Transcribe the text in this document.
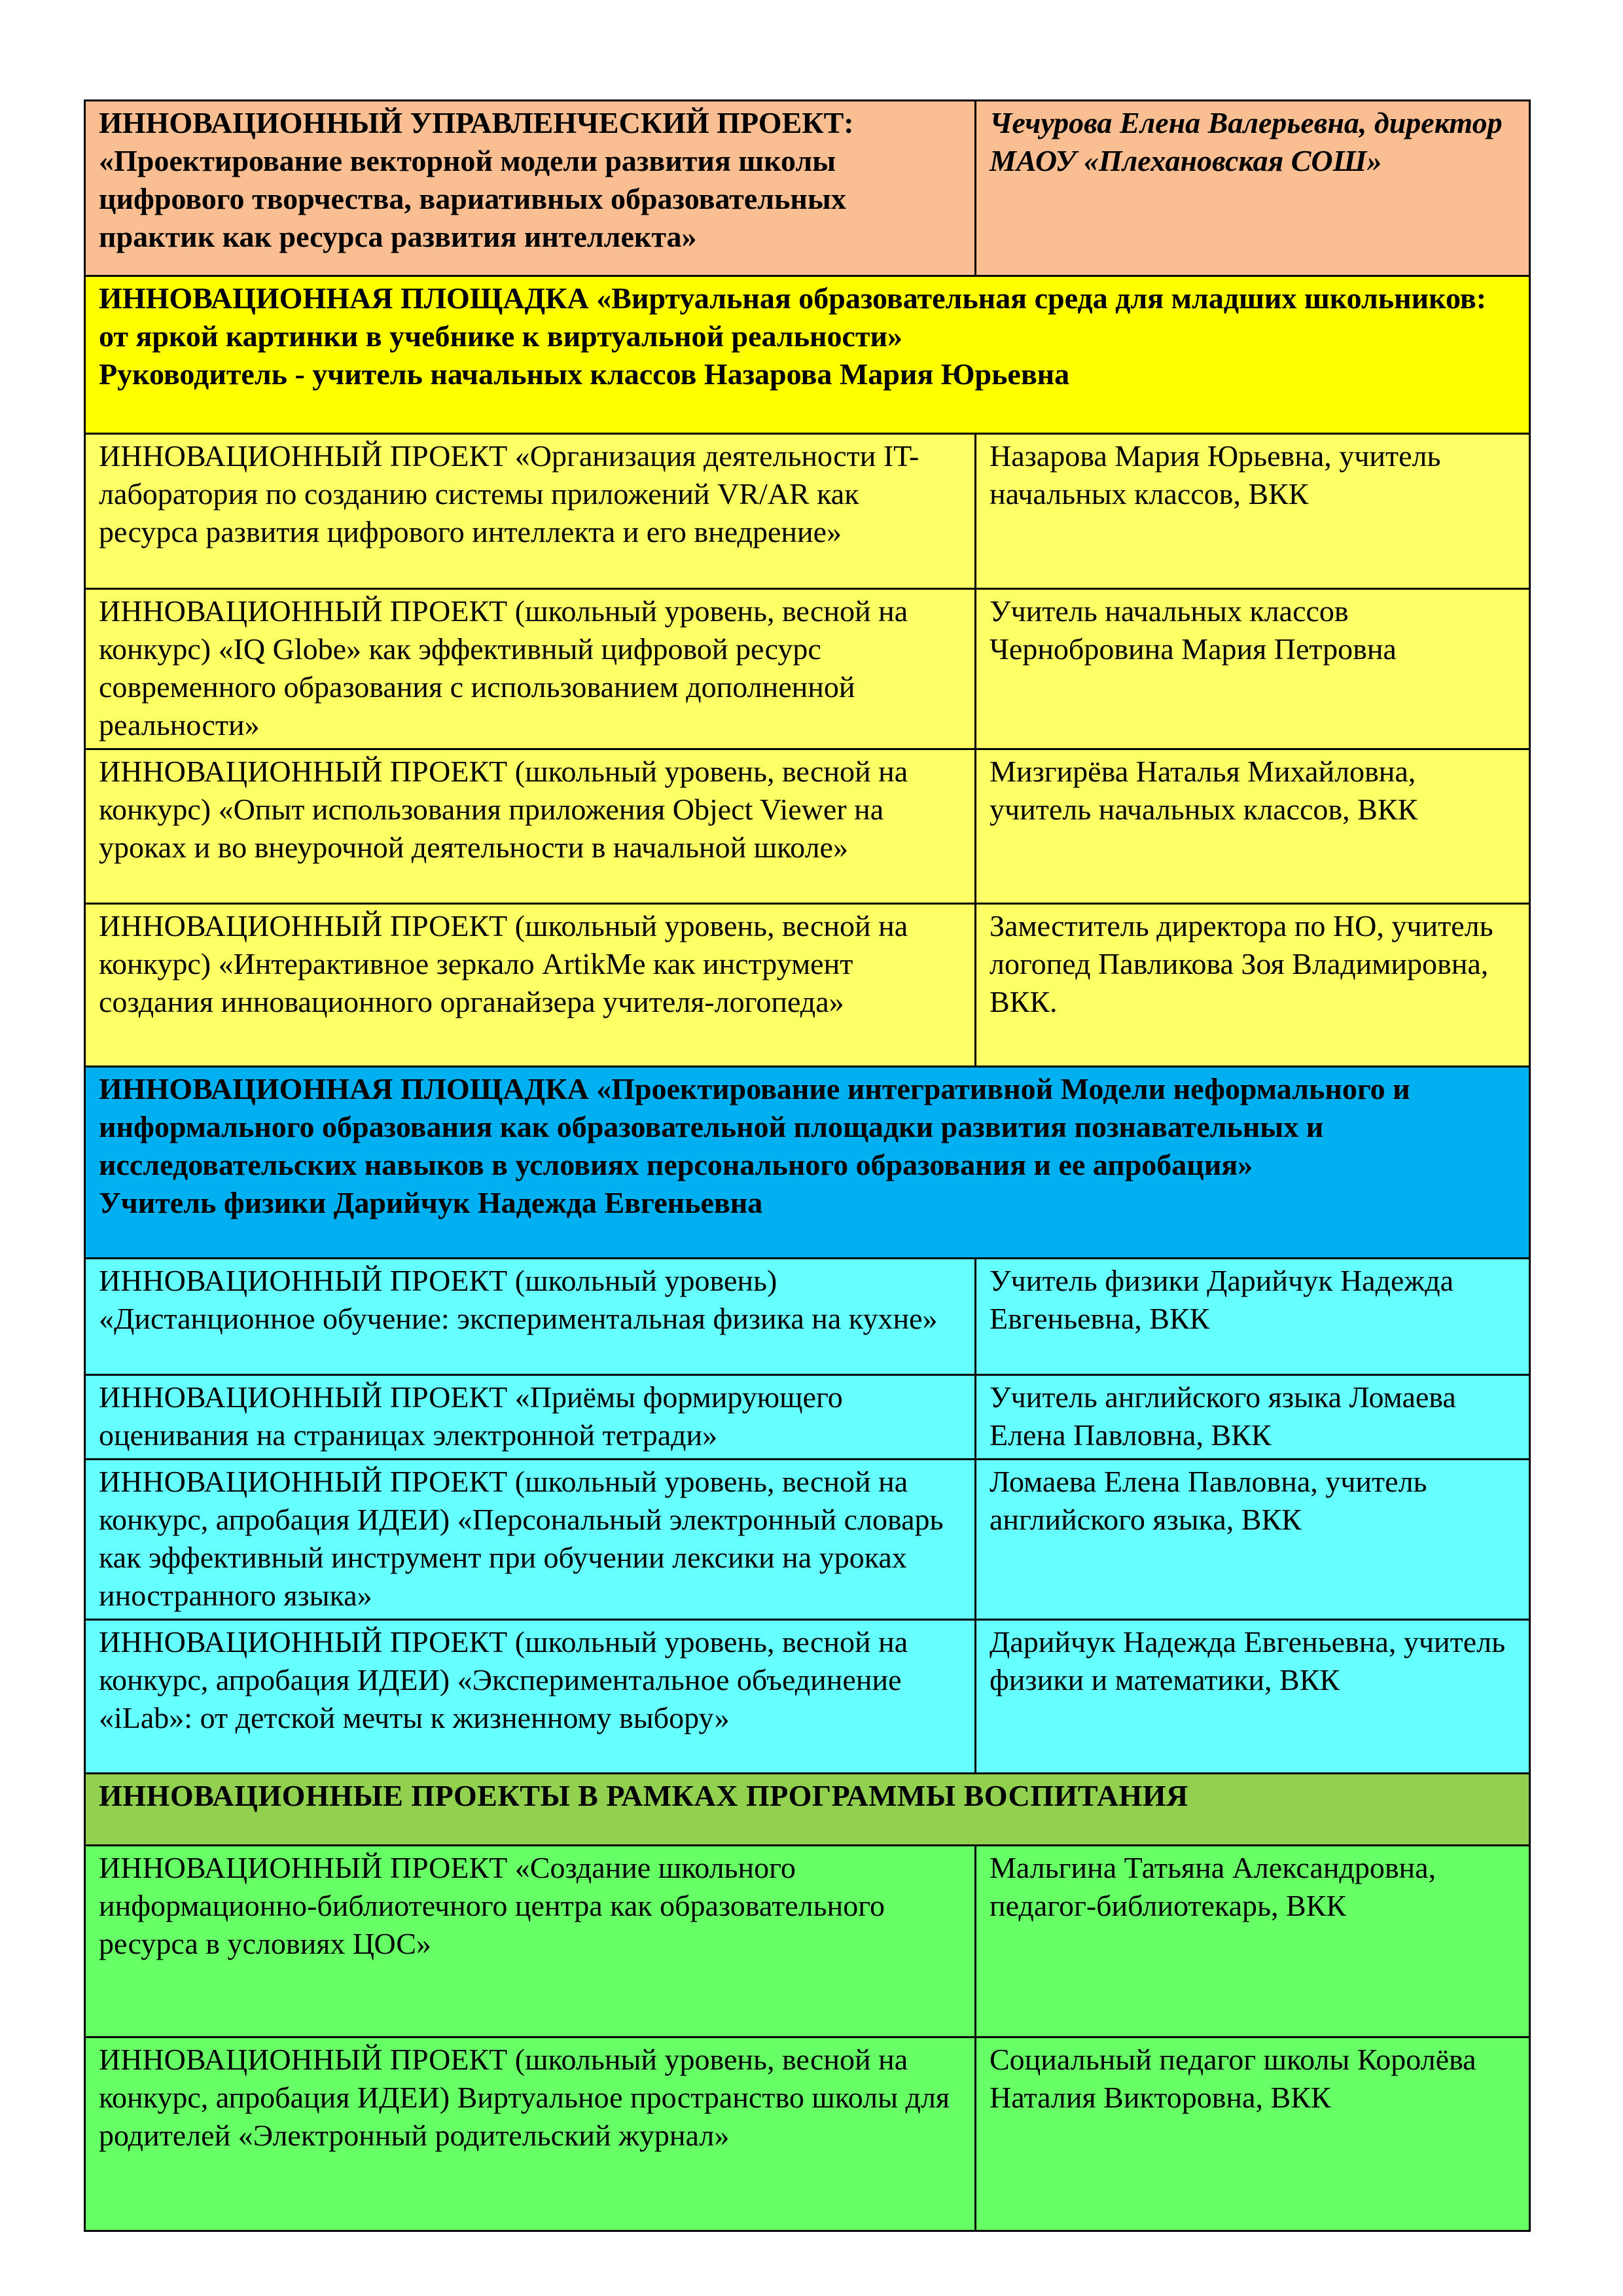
ИННОВАЦИОННЫЙ УПРАВЛЕНЧЕСКИЙ ПРОЕКТ:
«Проектирование векторной модели развития школы цифрового творчества, вариативных образовательных практик как ресурса развития интеллекта»	Чечурова Елена Валерьевна, директор МАОУ «Плехановская СОШ»

ИННОВАЦИОННАЯ ПЛОЩАДКА «Виртуальная образовательная среда для младших школьников: от яркой картинки в учебнике к виртуальной реальности»
Руководитель - учитель начальных классов Назарова Мария Юрьевна	

ИННОВАЦИОННЫЙ ПРОЕКТ «Организация деятельности IT-лаборатория по созданию системы приложений VR/AR как ресурса развития цифрового интеллекта и его внедрение»	Назарова Мария Юрьевна, учитель начальных классов, ВКК
ИННОВАЦИОННЫЙ ПРОЕКТ (школьный уровень, весной на конкурс) «IQ Globe» как эффективный цифровой ресурс современного образования с использованием дополненной реальности»	Учитель начальных классов Чернобровина Мария Петровна
ИННОВАЦИОННЫЙ ПРОЕКТ (школьный уровень, весной на конкурс) «Опыт использования приложения Object Viewer на уроках и во внеурочной деятельности в начальной школе»	Мизгирёва Наталья Михайловна, учитель начальных классов, ВКК
ИННОВАЦИОННЫЙ ПРОЕКТ (школьный уровень, весной на конкурс) «Интерактивное зеркало ArtikMe как инструмент создания инновационного органайзера учителя-логопеда»	Заместитель директора по НО, учитель логопед Павликова Зоя Владимировна, ВКК.

ИННОВАЦИОННАЯ ПЛОЩАДКА «Проектирование интегративной Модели неформального и информального образования как образовательной площадки развития познавательных и исследовательских навыков в условиях персонального образования и ее апробация»
Учитель физики Дарийчук Надежда Евгеньевна	

ИННОВАЦИОННЫЙ ПРОЕКТ (школьный уровень) «Дистанционное обучение: экспериментальная физика на кухне»	Учитель физики Дарийчук Надежда Евгеньевна, ВКК
ИННОВАЦИОННЫЙ ПРОЕКТ «Приёмы формирующего оценивания на страницах электронной тетради»	Учитель английского языка Ломаева Елена Павловна, ВКК
ИННОВАЦИОННЫЙ ПРОЕКТ (школьный уровень, весной на конкурс, апробация ИДЕИ) «Персональный электронный словарь как эффективный инструмент при обучении лексики на уроках иностранного языка»	Ломаева Елена Павловна, учитель английского языка, ВКК
ИННОВАЦИОННЫЙ ПРОЕКТ (школьный уровень, весной на конкурс, апробация ИДЕИ) «Экспериментальное объединение «iLab»: от детской мечты к жизненному выбору»	Дарийчук Надежда Евгеньевна, учитель физики и математики, ВКК
ИННОВАЦИОННЫЕ ПРОЕКТЫ В РАМКАХ ПРОГРАММЫ ВОСПИТАНИЯ	
ИННОВАЦИОННЫЙ ПРОЕКТ «Создание школьного информационно-библиотечного центра как образовательного ресурса в условиях ЦОС»	Мальгина Татьяна Александровна, педагог-библиотекарь, ВКК
ИННОВАЦИОННЫЙ ПРОЕКТ (школьный уровень, весной на конкурс, апробация ИДЕИ) Виртуальное пространство школы для родителей «Электронный родительский журнал»	Социальный педагог школы Королёва Наталия Викторовна, ВКК
